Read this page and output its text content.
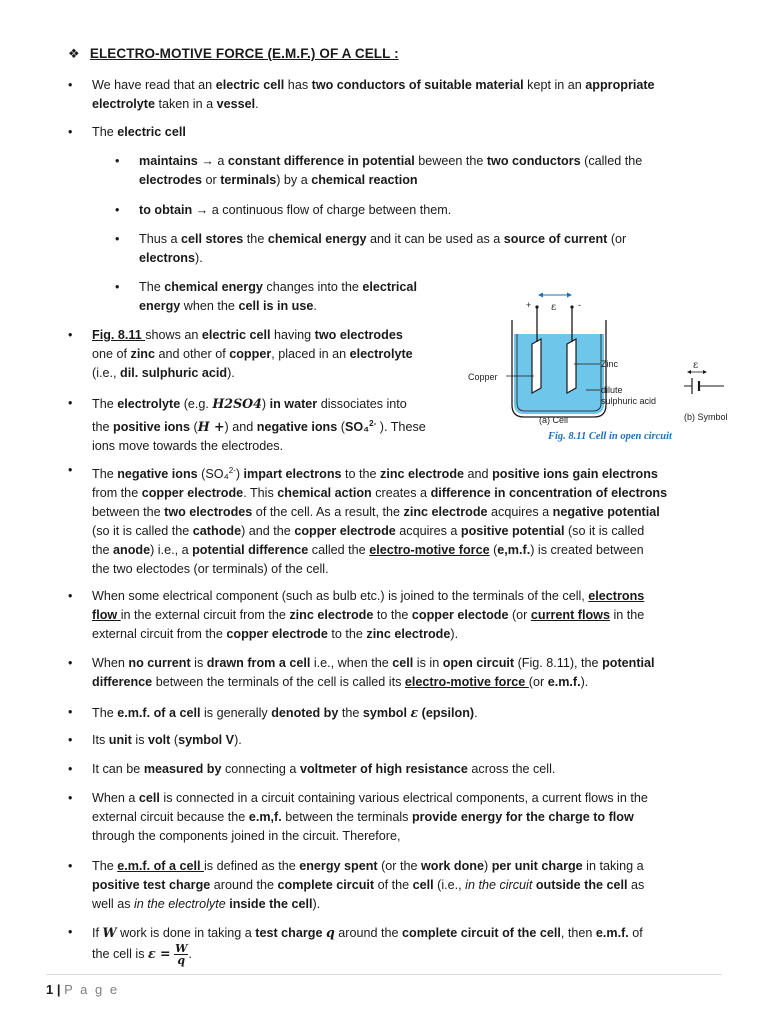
❖ ELECTRO-MOTIVE FORCE (E.M.F.) OF A CELL :
•	We have read that an electric cell has two conductors of suitable material kept in an appropriate
electrolyte taken in a vessel.
•	The electric cell
•	maintains → a constant difference in potential beween the two conductors (called the
electrodes or terminals) by a chemical reaction
•	to obtain → a continuous flow of charge between them.
•	Thus a cell stores the chemical energy and it can be used as a source of current (or
electrons).
•	The chemical energy changes into the electrical
energy when the cell is in use.
•	Fig. 8.11 shows an electric cell having two electrodes
one of zinc and other of copper, placed in an electrolyte
(i.e., dil. sulphuric acid).
•	The electrolyte (e.g. H2SO4) in water dissociates into
the positive ions (H +) and negative ions (SO₄$^{2-}$ ). These
ions move towards the electrodes.
•	The negative ions (SO₄$^{2-}$) impart electrons to the zinc electrode and positive ions gain electrons
from the copper electrode. This chemical action creates a difference in concentration of electrons
between the two electrodes of the cell. As a result, the zinc electrode acquires a negative potential
(so it is called the cathode) and the copper electrode acquires a positive potential (so it is called
the anode) i.e., a potential difference called the electro-motive force (e,m.f.) is created between
the two electodes (or terminals) of the cell.
•	When some electrical component (such as bulb etc.) is joined to the terminals of the cell, electrons
flow in the external circuit from the zinc electrode to the copper electode (or current flows in the
external circuit from the copper electrode to the zinc electrode).
•	When no current is drawn from a cell i.e., when the cell is in open circuit (Fig. 8.11), the potential
difference between the terminals of the cell is called its electro-motive force (or e.m.f.).
•	The e.m.f. of a cell is generally denoted by the symbol ε (epsilon).
•	Its unit is volt (symbol V).
•	It can be measured by connecting a voltmeter of high resistance across the cell.
•	When a cell is connected in a circuit containing various electrical components, a current flows in the
external circuit because the e.m,f. between the terminals provide energy for the charge to flow
through the components joined in the circuit. Therefore,
•	The e.m.f. of a cell is defined as the energy spent (or the work done) per unit charge in taking a
positive test charge around the complete circuit of the cell (i.e., in the circuit outside the cell as
well as in the electrolyte inside the cell).
•	If W work is done in taking a test charge q around the complete circuit of the cell, then e.m.f. of
the cell is $\varepsilon = \frac{W}{q}$ .
+	-
ε
Copper
Zinc
dilute
sulphuric acid
(a) Cell
ε
(b) Symbol
Fig. 8.11 Cell in open circuit
1 | P a g e
